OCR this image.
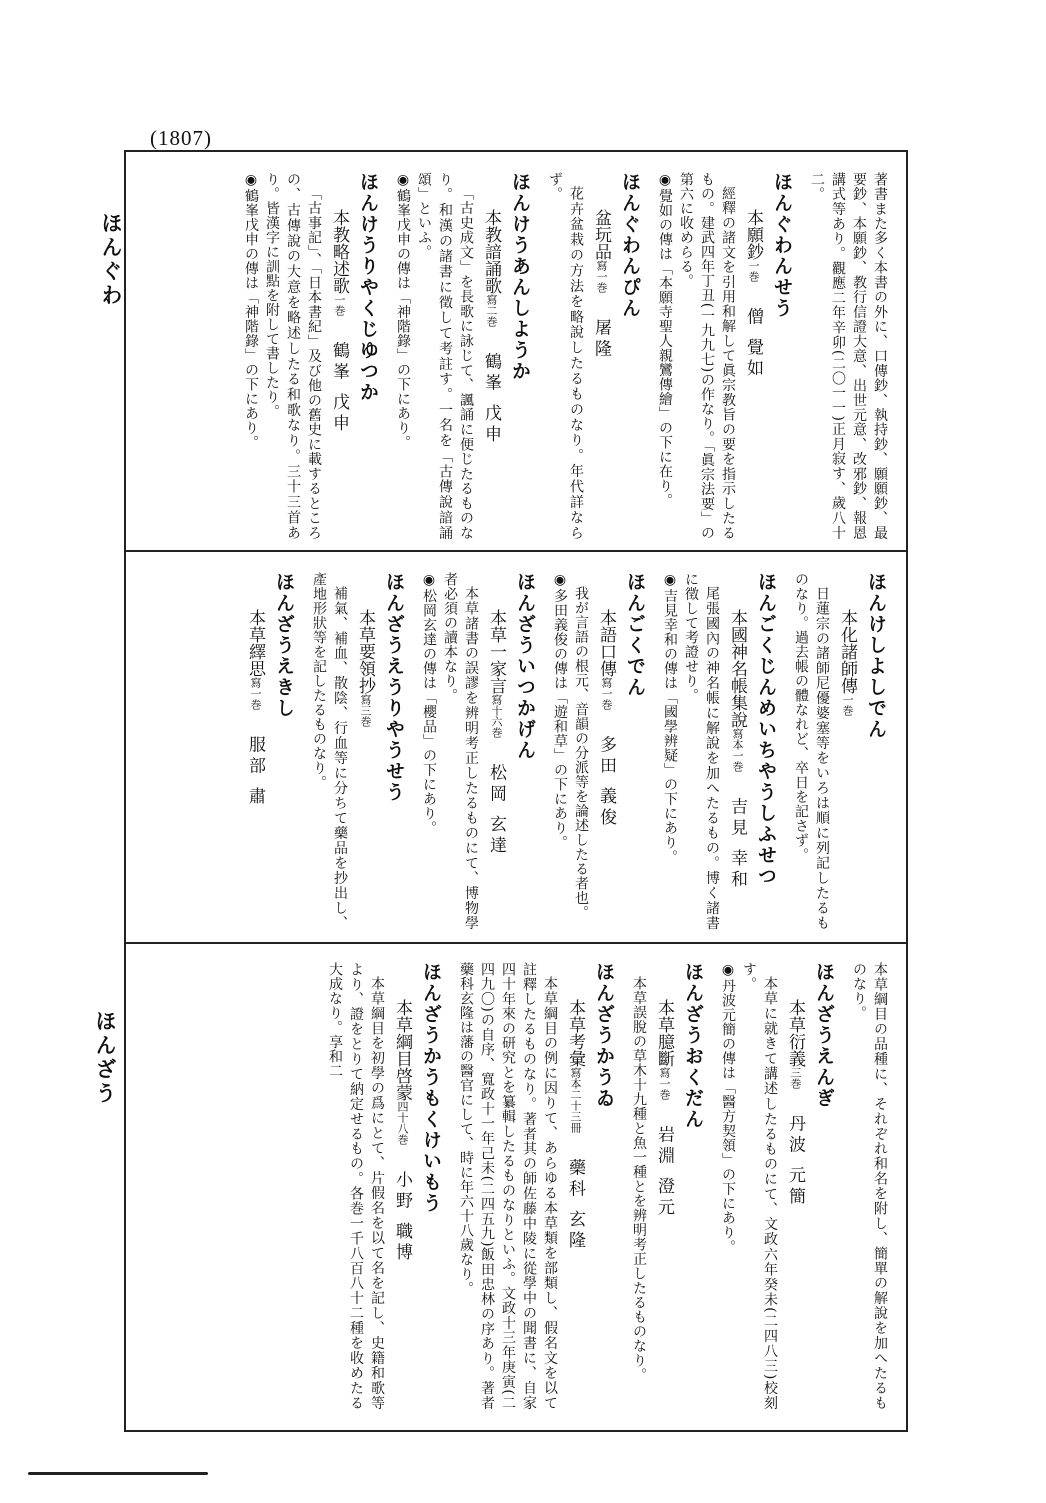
(1807)
ほんぐわ
ほんざう
著書また多く本書の外に、口傳鈔、執持鈔、願願鈔、最要鈔、本願鈔、教行信證大意、出世元意、改邪鈔、報恩講式等あり。觀應二年辛卯(二〇一一)正月寂す、歲八十二。
ほんぐわんせう
本願鈔一巻僧 覺如
經釋の諸文を引用和解して眞宗教旨の要を指示したるもの。建武四年丁丑(一九九七)の作なり。「眞宗法要」の第六に收めらる。
◉覺如の傳は「本願寺聖人親鸞傳繪」の下に在り。
ほんぐわんぴん
盆玩品寫一巻屠隆
花卉盆栽の方法を略說したるものなり。年代詳ならず。
ほんけうあんしようか
本教諳誦歌寫二巻鶴峯 戊申
「古史成文」を長歌に詠じて、諷誦に便じたるものなり。和漢の諸書に徵して考註す。一名を「古傳說諳誦頌」といふ。
◉鶴峯戊申の傳は「神階錄」の下にあり。
ほんけうりやくじゆつか
本教略述歌一巻鶴峯 戊申
「古事記」、「日本書紀」及び他の舊史に載するところの、古傳說の大意を略述したる和歌なり。三十三首あり。皆漢字に訓點を附して書したり。
◉鶴峯戊申の傳は「神階錄」の下にあり。
ほんけしよしでん
本化諸師傳一巻
日蓮宗の諸師尼優婆塞等をいろは順に列記したるものなり。過去帳の體なれど、卒日を記さず。
ほんごくじんめいちやうしふせつ
本國神名帳集說寫本一巻吉見 幸和
尾張國內の神名帳に解說を加へたるもの。博く諸書に徵して考證せり。
◉吉見幸和の傳は「國學辨疑」の下にあり。
ほんごくでん
本語口傳寫一巻多田 義俊
我が言語の根元、音韻の分派等を論述したる者也。
◉多田義俊の傳は「遊和草」の下にあり。
ほんざういつかげん
本草一家言寫十六巻松岡 玄達
本草諸書の誤謬を辨明考正したるものにて、博物學者必須の讀本なり。
◉松岡玄達の傳は「櫻品」の下にあり。
ほんざうえうりやうせう
本草要領抄寫三巻
補氣、補血、散陰、行血等に分ちて藥品を抄出し、產地形狀等を記したるものなり。
ほんざうえきし
本草繹思寫一巻服部 肅
本草綱目の品種に、それぞれ和名を附し、簡單の解說を加へたるものなり。
ほんざうえんぎ
本草衍義三巻丹波 元簡
本草に就きて講述したるものにて、文政六年癸未(二四八三)校刻す。
◉丹波元簡の傳は「醫方契領」の下にあり。
ほんざうおくだん
本草臆斷寫一巻岩淵 澄元
本草誤脫の草木十九種と魚一種とを辨明考正したるものなり。
ほんざうかうゐ
本草考彙寫本二十三冊藥科 玄隆
本草綱目の例に因りて、あらゆる本草類を部類し、假名文を以て註釋したるものなり。著者其の師佐藤中陵に從學中の聞書に、自家四十年來の研究とを纂輯したるものなりといふ。文政十三年庚寅(二四九〇)の自序、寬政十一年己未(二四五九)飯田忠林の序あり。著者藥科玄隆は藩の醫官にして、時に年六十八歲なり。
ほんざうかうもくけいもう
本草綱目啓蒙四十八巻小野 職博
本草綱目を初學の爲にとて、片假名を以て名を記し、史籍和歌等より、證をとりて納定せるもの。各巻一千八百八十二種を收めたる大成なり。享和二
